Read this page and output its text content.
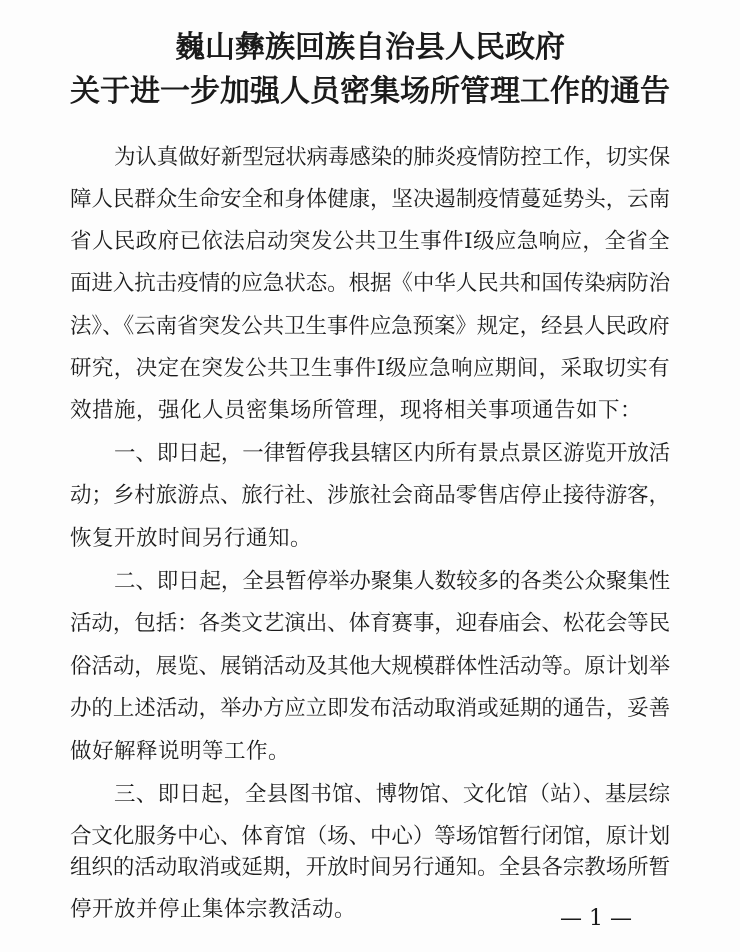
巍山彝族回族自治县人民政府
关于进一步加强人员密集场所管理工作的通告

为认真做好新型冠状病毒感染的肺炎疫情防控工作，切实保

障人民群众生命安全和身体健康，坚决遏制疫情蔓延势头，云南

省人民政府已依法启动突发公共卫生事件Ⅰ级应急响应，全省全

面进入抗击疫情的应急状态。根据《中华人民共和国传染病防治

法》、《云南省突发公共卫生事件应急预案》规定，经县人民政府

研究，决定在突发公共卫生事件Ⅰ级应急响应期间，采取切实有

效措施，强化人员密集场所管理，现将相关事项通告如下：

一、即日起，一律暂停我县辖区内所有景点景区游览开放活

动；乡村旅游点、旅行社、涉旅社会商品零售店停止接待游客，

恢复开放时间另行通知。

二、即日起，全县暂停举办聚集人数较多的各类公众聚集性

活动，包括：各类文艺演出、体育赛事，迎春庙会、松花会等民

俗活动，展览、展销活动及其他大规模群体性活动等。原计划举

办的上述活动，举办方应立即发布活动取消或延期的通告，妥善

做好解释说明等工作。

三、即日起，全县图书馆、博物馆、文化馆（站）、基层综

合文化服务中心、体育馆（场、中心）等场馆暂行闭馆，原计划

组织的活动取消或延期，开放时间另行通知。全县各宗教场所暂

停开放并停止集体宗教活动。	— 1 —
